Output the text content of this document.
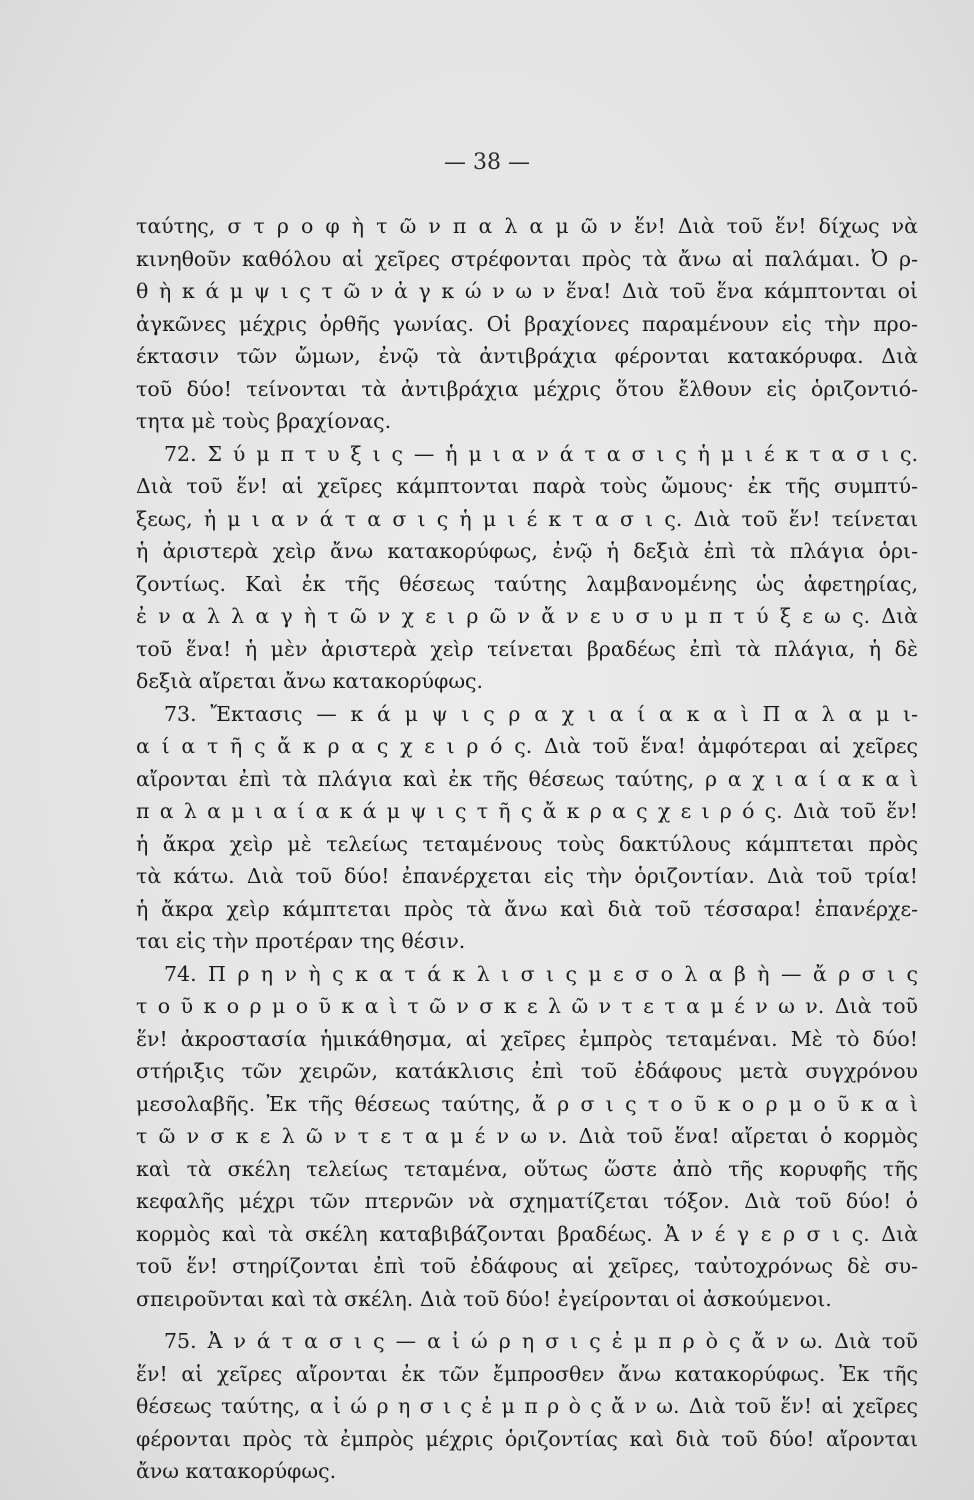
— 38 —
ταύτης, σ τ ρ ο φ ὴ τ ῶ ν π α λ α μ ῶ ν ἕν! Διὰ τοῦ ἕν! δίχως νὰ
κινηθοῦν καθόλου αἱ χεῖρες στρέφονται πρὸς τὰ ἄνω αἱ παλάμαι. Ὀ ρ-
θ ὴ κ ά μ ψ ι ς τ ῶ ν ἀ γ κ ώ ν ω ν ἕνα! Διὰ τοῦ ἕνα κάμπτονται οἱ
ἀγκῶνες μέχρις ὀρθῆς γωνίας. Οἱ βραχίονες παραμένουν εἰς τὴν προ-
έκτασιν τῶν ὤμων, ἐνῷ τὰ ἀντιβράχια φέρονται κατακόρυφα. Διὰ
τοῦ δύο! τείνονται τὰ ἀντιβράχια μέχρις ὅτου ἔλθουν εἰς ὁριζοντιό-
τητα μὲ τοὺς βραχίονας.
72. Σ ύ μ π τ υ ξ ι ς — ἡ μ ι α ν ά τ α σ ι ς ἡ μ ι έ κ τ α σ ι ς.
Διὰ τοῦ ἕν! αἱ χεῖρες κάμπτονται παρὰ τοὺς ὤμους· ἐκ τῆς συμπτύ-
ξεως, ἡ μ ι α ν ά τ α σ ι ς ἡ μ ι έ κ τ α σ ι ς. Διὰ τοῦ ἕν! τείνεται
ἡ ἀριστερὰ χεὶρ ἄνω κατακορύφως, ἐνῷ ἡ δεξιὰ ἐπὶ τὰ πλάγια ὁρι-
ζοντίως. Καὶ ἐκ τῆς θέσεως ταύτης λαμβανομένης ὡς ἀφετηρίας,
ἐ ν α λ λ α γ ὴ τ ῶ ν χ ε ι ρ ῶ ν ἄ ν ε υ σ υ μ π τ ύ ξ ε ω ς. Διὰ
τοῦ ἕνα! ἡ μὲν ἀριστερὰ χεὶρ τείνεται βραδέως ἐπὶ τὰ πλάγια, ἡ δὲ
δεξιὰ αἴρεται ἄνω κατακορύφως.
73. Ἔκτασις — κ ά μ ψ ι ς ρ α χ ι α ί α κ α ὶ Π α λ α μ ι-
α ί α τ ῆ ς ἄ κ ρ α ς χ ε ι ρ ό ς. Διὰ τοῦ ἕνα! ἀμφότεραι αἱ χεῖρες
αἴρονται ἐπὶ τὰ πλάγια καὶ ἐκ τῆς θέσεως ταύτης, ρ α χ ι α ί α κ α ὶ
π α λ α μ ι α ί α κ ά μ ψ ι ς τ ῆ ς ἄ κ ρ α ς χ ε ι ρ ό ς. Διὰ τοῦ ἕν!
ἡ ἄκρα χεὶρ μὲ τελείως τεταμένους τοὺς δακτύλους κάμπτεται πρὸς
τὰ κάτω. Διὰ τοῦ δύο! ἐπανέρχεται εἰς τὴν ὁριζοντίαν. Διὰ τοῦ τρία!
ἡ ἄκρα χεὶρ κάμπτεται πρὸς τὰ ἄνω καὶ διὰ τοῦ τέσσαρα! ἐπανέρχε-
ται εἰς τὴν προτέραν της θέσιν.
74. Π ρ η ν ὴ ς κ α τ ά κ λ ι σ ι ς μ ε σ ο λ α β ὴ — ἄ ρ σ ι ς
τ ο ῦ κ ο ρ μ ο ῦ κ α ὶ τ ῶ ν σ κ ε λ ῶ ν τ ε τ α μ έ ν ω ν. Διὰ τοῦ
ἕν! ἀκροστασία ἡμικάθησμα, αἱ χεῖρες ἐμπρὸς τεταμέναι. Μὲ τὸ δύο!
στήριξις τῶν χειρῶν, κατάκλισις ἐπὶ τοῦ ἐδάφους μετὰ συγχρόνου
μεσολαβῆς. Ἐκ τῆς θέσεως ταύτης, ἄ ρ σ ι ς τ ο ῦ κ ο ρ μ ο ῦ κ α ὶ
τ ῶ ν σ κ ε λ ῶ ν τ ε τ α μ έ ν ω ν. Διὰ τοῦ ἕνα! αἴρεται ὁ κορμὸς
καὶ τὰ σκέλη τελείως τεταμένα, οὕτως ὥστε ἀπὸ τῆς κορυφῆς τῆς
κεφαλῆς μέχρι τῶν πτερνῶν νὰ σχηματίζεται τόξον. Διὰ τοῦ δύο! ὁ
κορμὸς καὶ τὰ σκέλη καταβιβάζονται βραδέως. Ἀ ν έ γ ε ρ σ ι ς. Διὰ
τοῦ ἕν! στηρίζονται ἐπὶ τοῦ ἐδάφους αἱ χεῖρες, ταὐτοχρόνως δὲ συ-
σπειροῦνται καὶ τὰ σκέλη. Διὰ τοῦ δύο! ἐγείρονται οἱ ἀσκούμενοι.
75. Ἀ ν ά τ α σ ι ς — α ἰ ώ ρ η σ ι ς ἐ μ π ρ ὸ ς ἄ ν ω. Διὰ τοῦ
ἕν! αἱ χεῖρες αἴρονται ἐκ τῶν ἔμπροσθεν ἄνω κατακορύφως. Ἐκ τῆς
θέσεως ταύτης, α ἰ ώ ρ η σ ι ς ἐ μ π ρ ὸ ς ἄ ν ω. Διὰ τοῦ ἕν! αἱ χεῖρες
φέρονται πρὸς τὰ ἐμπρὸς μέχρις ὁριζοντίας καὶ διὰ τοῦ δύο! αἴρονται
ἄνω κατακορύφως.
